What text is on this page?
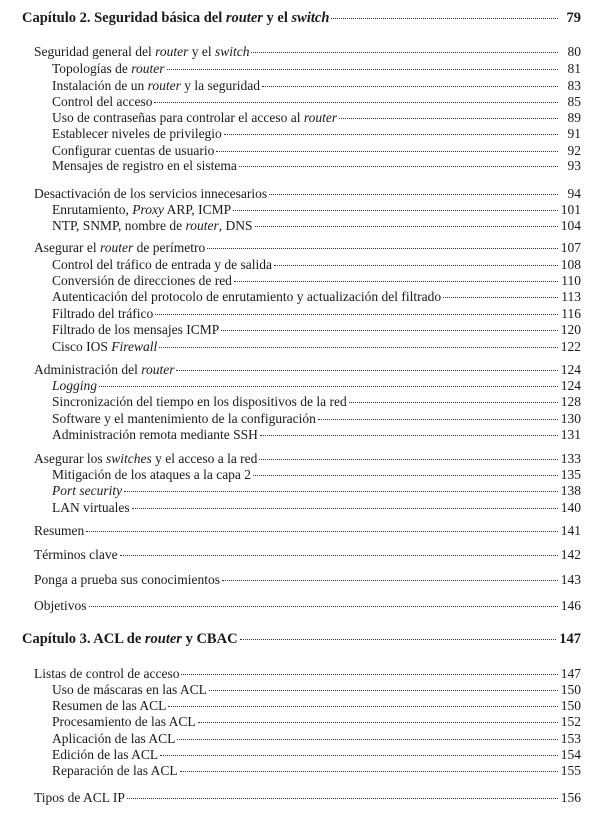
Capítulo 2. Seguridad básica del router y el switch	79
Seguridad general del router y el switch	80
Topologías de router	81
Instalación de un router y la seguridad	83
Control del acceso	85
Uso de contraseñas para controlar el acceso al router	89
Establecer niveles de privilegio	91
Configurar cuentas de usuario	92
Mensajes de registro en el sistema	93
Desactivación de los servicios innecesarios	94
Enrutamiento, Proxy ARP, ICMP	101
NTP, SNMP, nombre de router, DNS	104
Asegurar el router de perímetro	107
Control del tráfico de entrada y de salida	108
Conversión de direcciones de red	110
Autenticación del protocolo de enrutamiento y actualización del filtrado	113
Filtrado del tráfico	116
Filtrado de los mensajes ICMP	120
Cisco IOS Firewall	122
Administración del router	124
Logging	124
Sincronización del tiempo en los dispositivos de la red	128
Software y el mantenimiento de la configuración	130
Administración remota mediante SSH	131
Asegurar los switches y el acceso a la red	133
Mitigación de los ataques a la capa 2	135
Port security	138
LAN virtuales	140
Resumen	141
Términos clave	142
Ponga a prueba sus conocimientos	143
Objetivos	146
Capítulo 3. ACL de router y CBAC	147
Listas de control de acceso	147
Uso de máscaras en las ACL	150
Resumen de las ACL	150
Procesamiento de las ACL	152
Aplicación de las ACL	153
Edición de las ACL	154
Reparación de las ACL	155
Tipos de ACL IP	156
